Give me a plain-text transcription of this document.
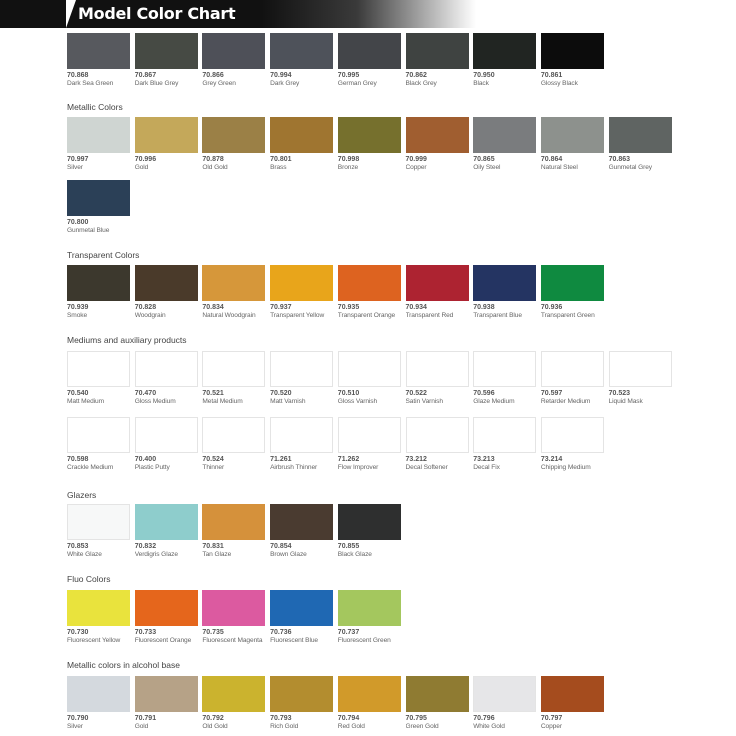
Model Color Chart
70.868
Dark Sea Green
70.867
Dark Blue Grey
70.866
Grey Green
70.994
Dark Grey
70.995
German Grey
70.862
Black Grey
70.950
Black
70.861
Glossy Black
Metallic Colors
70.997
Silver
70.996
Gold
70.878
Old Gold
70.801
Brass
70.998
Bronze
70.999
Copper
70.865
Oily Steel
70.864
Natural Steel
70.863
Gunmetal Grey
70.800
Gunmetal Blue
Transparent Colors
70.939
Smoke
70.828
Woodgrain
70.834
Natural Woodgrain
70.937
Transparent Yellow
70.935
Transparent Orange
70.934
Transparent Red
70.938
Transparent Blue
70.936
Transparent Green
Mediums and auxiliary products
70.540
Matt Medium
70.470
Gloss Medium
70.521
Metal Medium
70.520
Matt Varnish
70.510
Gloss Varnish
70.522
Satin Varnish
70.596
Glaze Medium
70.597
Retarder Medium
70.523
Liquid Mask
70.598
Crackle Medium
70.400
Plastic Putty
70.524
Thinner
71.261
Airbrush Thinner
71.262
Flow Improver
73.212
Decal Softener
73.213
Decal Fix
73.214
Chipping Medium
Glazers
70.853
White Glaze
70.832
Verdigris Glaze
70.831
Tan Glaze
70.854
Brown Glaze
70.855
Black Glaze
Fluo Colors
70.730
Fluorescent Yellow
70.733
Fluorescent Orange
70.735
Fluorescent Magenta
70.736
Fluorescent Blue
70.737
Fluorescent Green
Metallic colors in alcohol base
70.790
Silver
70.791
Gold
70.792
Old Gold
70.793
Rich Gold
70.794
Red Gold
70.795
Green Gold
70.796
White Gold
70.797
Copper
